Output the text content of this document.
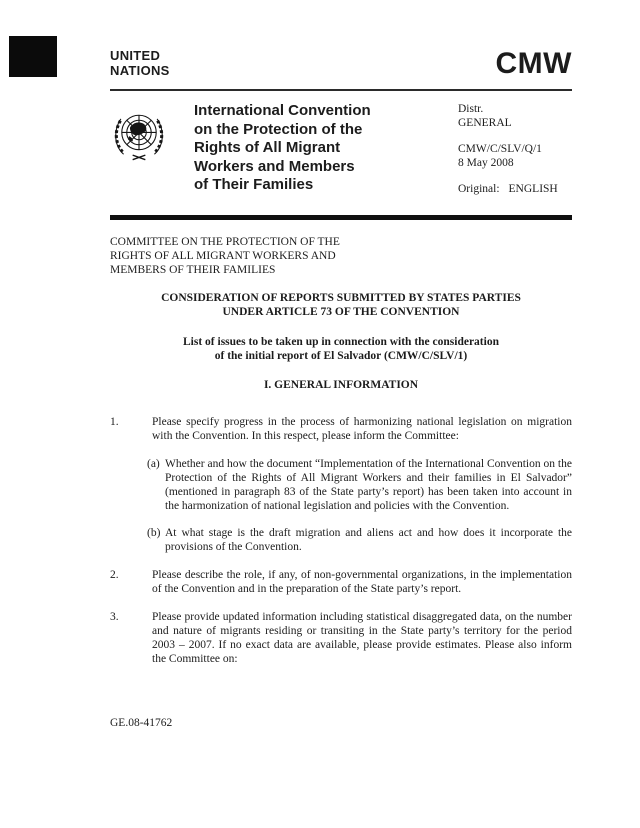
UNITED
NATIONS	CMW
International Convention
on the Protection of the
Rights of All Migrant
Workers and Members
of Their Families
Distr.
GENERAL
CMW/C/SLV/Q/1
8 May 2008
Original: ENGLISH
COMMITTEE ON THE PROTECTION OF THE
RIGHTS OF ALL MIGRANT WORKERS AND
MEMBERS OF THEIR FAMILIES
CONSIDERATION OF REPORTS SUBMITTED BY STATES PARTIES
UNDER ARTICLE 73 OF THE CONVENTION
List of issues to be taken up in connection with the consideration
of the initial report of El Salvador (CMW/C/SLV/1)
I. GENERAL INFORMATION

1.	Please specify progress in the process of harmonizing national legislation on migration with the Convention. In this respect, please inform the Committee:

(a) Whether and how the document “Implementation of the International Convention on the Protection of the Rights of All Migrant Workers and their families in El Salvador” (mentioned in paragraph 83 of the State party’s report) has been taken into account in the harmonization of national legislation and policies with the Convention.

(b) At what stage is the draft migration and aliens act and how does it incorporate the provisions of the Convention.

2.	Please describe the role, if any, of non-governmental organizations, in the implementation of the Convention and in the preparation of the State party’s report.

3.	Please provide updated information including statistical disaggregated data, on the number and nature of migrants residing or transiting in the State party’s territory for the period 2003 – 2007. If no exact data are available, please provide estimates. Please also inform the Committee on:

GE.08-41762
